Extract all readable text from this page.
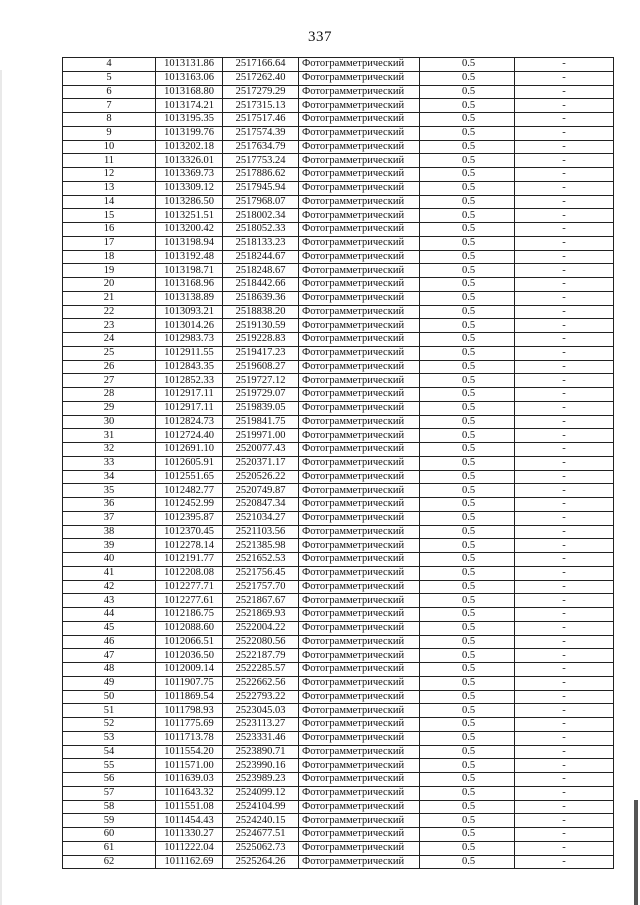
337
4	1013131.86	2517166.64	Фотограмметрический	0.5	-
5	1013163.06	2517262.40	Фотограмметрический	0.5	-
6	1013168.80	2517279.29	Фотограмметрический	0.5	-
7	1013174.21	2517315.13	Фотограмметрический	0.5	-
8	1013195.35	2517517.46	Фотограмметрический	0.5	-
9	1013199.76	2517574.39	Фотограмметрический	0.5	-
10	1013202.18	2517634.79	Фотограмметрический	0.5	-
11	1013326.01	2517753.24	Фотограмметрический	0.5	-
12	1013369.73	2517886.62	Фотограмметрический	0.5	-
13	1013309.12	2517945.94	Фотограмметрический	0.5	-
14	1013286.50	2517968.07	Фотограмметрический	0.5	-
15	1013251.51	2518002.34	Фотограмметрический	0.5	-
16	1013200.42	2518052.33	Фотограмметрический	0.5	-
17	1013198.94	2518133.23	Фотограмметрический	0.5	-
18	1013192.48	2518244.67	Фотограмметрический	0.5	-
19	1013198.71	2518248.67	Фотограмметрический	0.5	-
20	1013168.96	2518442.66	Фотограмметрический	0.5	-
21	1013138.89	2518639.36	Фотограмметрический	0.5	-
22	1013093.21	2518838.20	Фотограмметрический	0.5	-
23	1013014.26	2519130.59	Фотограмметрический	0.5	-
24	1012983.73	2519228.83	Фотограмметрический	0.5	-
25	1012911.55	2519417.23	Фотограмметрический	0.5	-
26	1012843.35	2519608.27	Фотограмметрический	0.5	-
27	1012852.33	2519727.12	Фотограмметрический	0.5	-
28	1012917.11	2519729.07	Фотограмметрический	0.5	-
29	1012917.11	2519839.05	Фотограмметрический	0.5	-
30	1012824.73	2519841.75	Фотограмметрический	0.5	-
31	1012724.40	2519971.00	Фотограмметрический	0.5	-
32	1012691.10	2520077.43	Фотограмметрический	0.5	-
33	1012605.91	2520371.17	Фотограмметрический	0.5	-
34	1012551.65	2520526.22	Фотограмметрический	0.5	-
35	1012482.77	2520749.87	Фотограмметрический	0.5	-
36	1012452.99	2520847.34	Фотограмметрический	0.5	-
37	1012395.87	2521034.27	Фотограмметрический	0.5	-
38	1012370.45	2521103.56	Фотограмметрический	0.5	-
39	1012278.14	2521385.98	Фотограмметрический	0.5	-
40	1012191.77	2521652.53	Фотограмметрический	0.5	-
41	1012208.08	2521756.45	Фотограмметрический	0.5	-
42	1012277.71	2521757.70	Фотограмметрический	0.5	-
43	1012277.61	2521867.67	Фотограмметрический	0.5	-
44	1012186.75	2521869.93	Фотограмметрический	0.5	-
45	1012088.60	2522004.22	Фотограмметрический	0.5	-
46	1012066.51	2522080.56	Фотограмметрический	0.5	-
47	1012036.50	2522187.79	Фотограмметрический	0.5	-
48	1012009.14	2522285.57	Фотограмметрический	0.5	-
49	1011907.75	2522662.56	Фотограмметрический	0.5	-
50	1011869.54	2522793.22	Фотограмметрический	0.5	-
51	1011798.93	2523045.03	Фотограмметрический	0.5	-
52	1011775.69	2523113.27	Фотограмметрический	0.5	-
53	1011713.78	2523331.46	Фотограмметрический	0.5	-
54	1011554.20	2523890.71	Фотограмметрический	0.5	-
55	1011571.00	2523990.16	Фотограмметрический	0.5	-
56	1011639.03	2523989.23	Фотограмметрический	0.5	-
57	1011643.32	2524099.12	Фотограмметрический	0.5	-
58	1011551.08	2524104.99	Фотограмметрический	0.5	-
59	1011454.43	2524240.15	Фотограмметрический	0.5	-
60	1011330.27	2524677.51	Фотограмметрический	0.5	-
61	1011222.04	2525062.73	Фотограмметрический	0.5	-
62	1011162.69	2525264.26	Фотограмметрический	0.5	-
